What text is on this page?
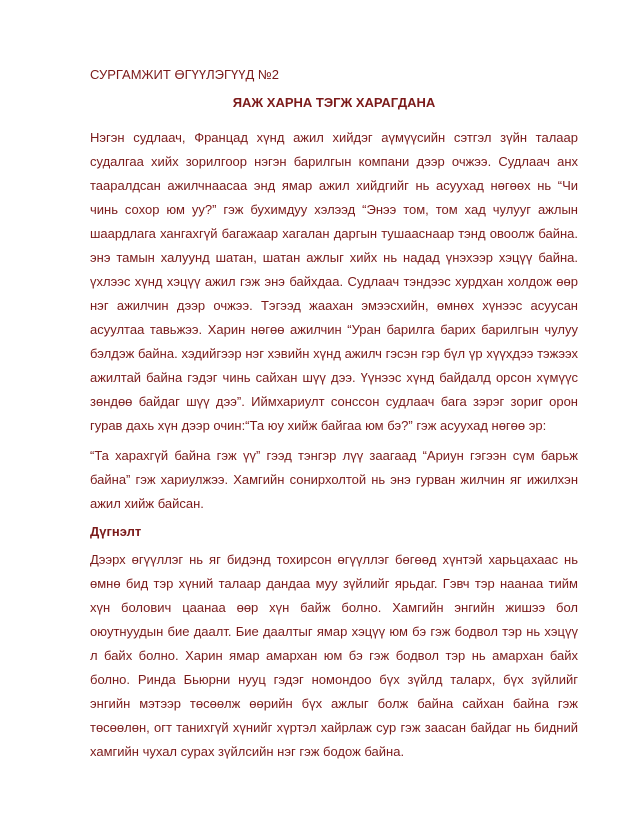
СУРГАМЖИТ ӨГҮҮЛЭГҮҮД №2
ЯАЖ ХАРНА ТЭГЖ ХАРАГДАНА

Нэгэн судлаач, Францад хүнд ажил хийдэг аүмүүсийн сэтгэл зүйн талаар судалгаа хийх зорилгоор нэгэн барилгын компани дээр очжээ. Судлаач анх тааралдсан ажилчнаасаа энд ямар ажил хийдгийг нь асуухад нөгөөх нь “Чи чинь сохор юм уу?” гэж бухимдуу хэлээд “Энээ том, том хад чулууг ажлын шаардлага хангахгүй багажаар хагалан даргын тушааснаар тэнд овоолж байна. энэ тамын халуунд шатан, шатан ажлыг хийх нь надад үнэхээр хэцүү байна. үхлээс хүнд хэцүү ажил гэж энэ байхдаа. Судлаач тэндээс хурдхан холдож өөр нэг ажилчин дээр очжээ. Тэгээд жаахан эмээсхийн, өмнөх хүнээс асуусан асуултаа тавьжээ. Харин нөгөө ажилчин “Уран барилга барих барилгын чулуу бэлдэж байна. хэдийгээр нэг хэвийн хүнд ажилч гэсэн гэр бүл үр хүүхдээ тэжээх ажилтай байна гэдэг чинь сайхан шүү дээ. Үүнээс хүнд байдалд орсон хүмүүс зөндөө байдаг шүү дээ”. Иймхариулт сонссон судлаач бага зэрэг зориг орон гурав дахь хүн дээр очин:“Та юу хийж байгаа юм бэ?” гэж асуухад нөгөө эр:

“Та харахгүй байна гэж үү” гээд тэнгэр лүү заагаад “Ариун гэгээн сүм барьж байна” гэж хариулжээ. Хамгийн сонирхолтой нь энэ гурван жилчин яг ижилхэн ажил хийж байсан.

Дүгнэлт

Дээрх өгүүллэг нь яг бидэнд тохирсон өгүүллэг бөгөөд хүнтэй харьцахаас нь өмнө бид тэр хүний талаар дандаа муу зүйлийг ярьдаг. Гэвч тэр наанаа тийм хүн болович цаанаа өөр хүн байж болно. Хамгийн энгийн жишээ бол оюутнуудын бие даалт. Бие даалтыг ямар хэцүү юм бэ гэж бодвол тэр нь хэцүү л байх болно. Харин ямар амархан юм бэ гэж бодвол тэр нь амархан байх болно. Ринда Бьюрни нууц гэдэг номондоо бүх зүйлд таларх, бүх зүйлийг энгийн мэтээр төсөөлж өөрийн бүх ажлыг болж байна сайхан байна гэж төсөөлөн, огт танихгүй хүнийг хүртэл хайрлаж сур гэж заасан байдаг нь бидний хамгийн чухал сурах зүйлсийн нэг гэж бодож байна.
